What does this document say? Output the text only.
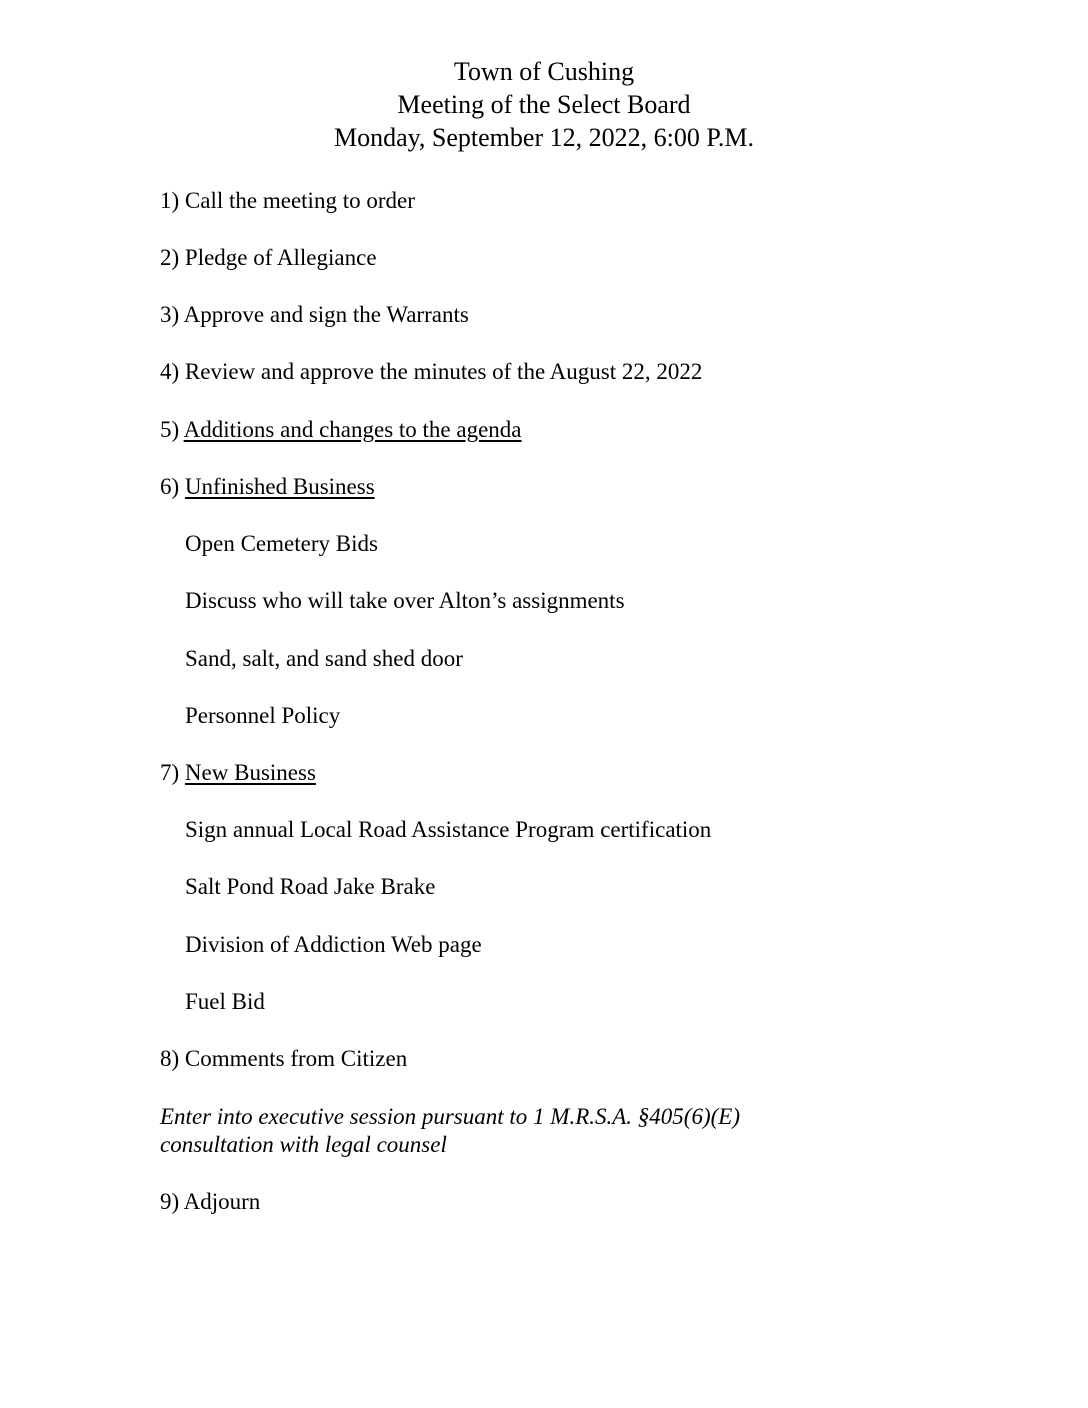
Town of Cushing
Meeting of the Select Board
Monday, September 12, 2022, 6:00 P.M.
1) Call the meeting to order
2) Pledge of Allegiance
3) Approve and sign the Warrants
4) Review and approve the minutes of the August 22, 2022
5) Additions and changes to the agenda
6) Unfinished Business
Open Cemetery Bids
Discuss who will take over Alton’s assignments
Sand, salt, and sand shed door
Personnel Policy
7) New Business
Sign annual Local Road Assistance Program certification
Salt Pond Road Jake Brake
Division of Addiction Web page
Fuel Bid
8) Comments from Citizen
Enter into executive session pursuant to 1 M.R.S.A. §405(6)(E)
consultation with legal counsel
9) Adjourn
